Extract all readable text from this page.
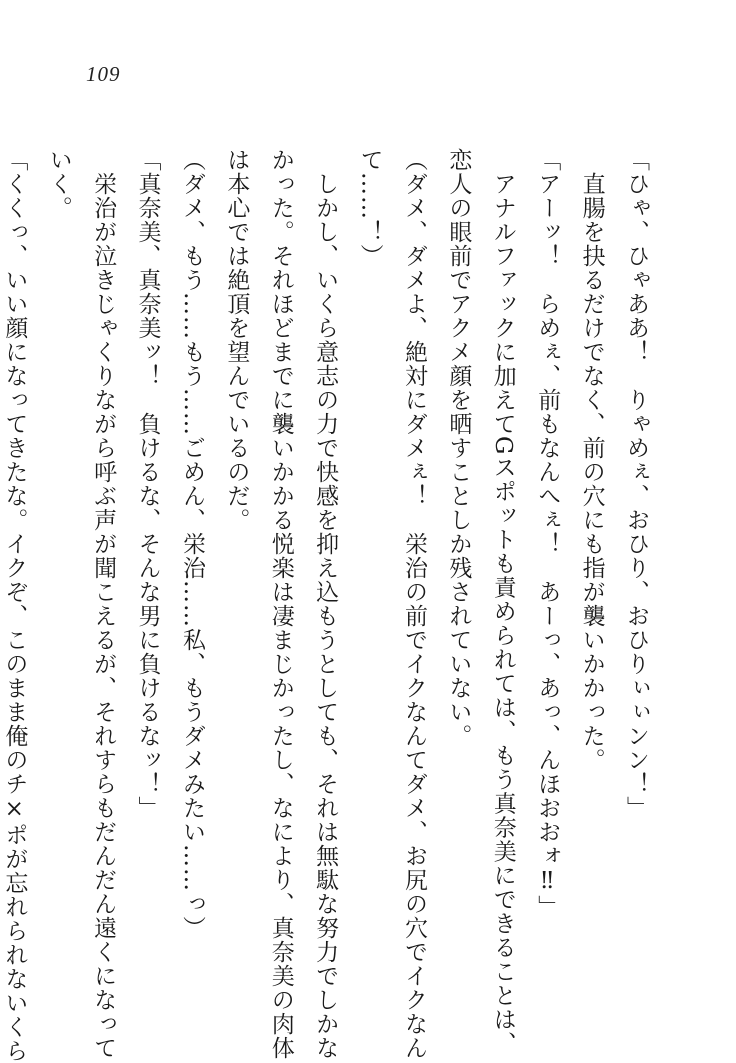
109
「ひゃ、ひゃああ！　りゃめぇ、おひり、おひりぃぃンン！」
　直腸を抉るだけでなく、前の穴にも指が襲いかかった。
「アーッ！　らめぇ、前もなんへぇ！　あーっ、あっ、んほおおォ‼」
　アナルファックに加えてGスポットも責められては、もう真奈美にできることは、
恋人の眼前でアクメ顔を晒すことしか残されていない。
（ダメ、ダメよ、絶対にダメぇ！　栄治の前でイクなんてダメ、お尻の穴でイクなん
て……！）
　しかし、いくら意志の力で快感を抑え込もうとしても、それは無駄な努力でしかな
かった。それほどまでに襲いかかる悦楽は凄まじかったし、なにより、真奈美の肉体
は本心では絶頂を望んでいるのだ。
（ダメ、もう……もう……ごめん、栄治……私、もうダメみたい……っ）
「真奈美、真奈美ッ！　負けるな、そんな男に負けるなッ！」
　栄治が泣きじゃくりながら呼ぶ声が聞こえるが、それすらもだんだん遠くになって
いく。
「くくっ、いい顔になってきたな。イクぞ、このまま俺のチ×ポが忘れられないくら
